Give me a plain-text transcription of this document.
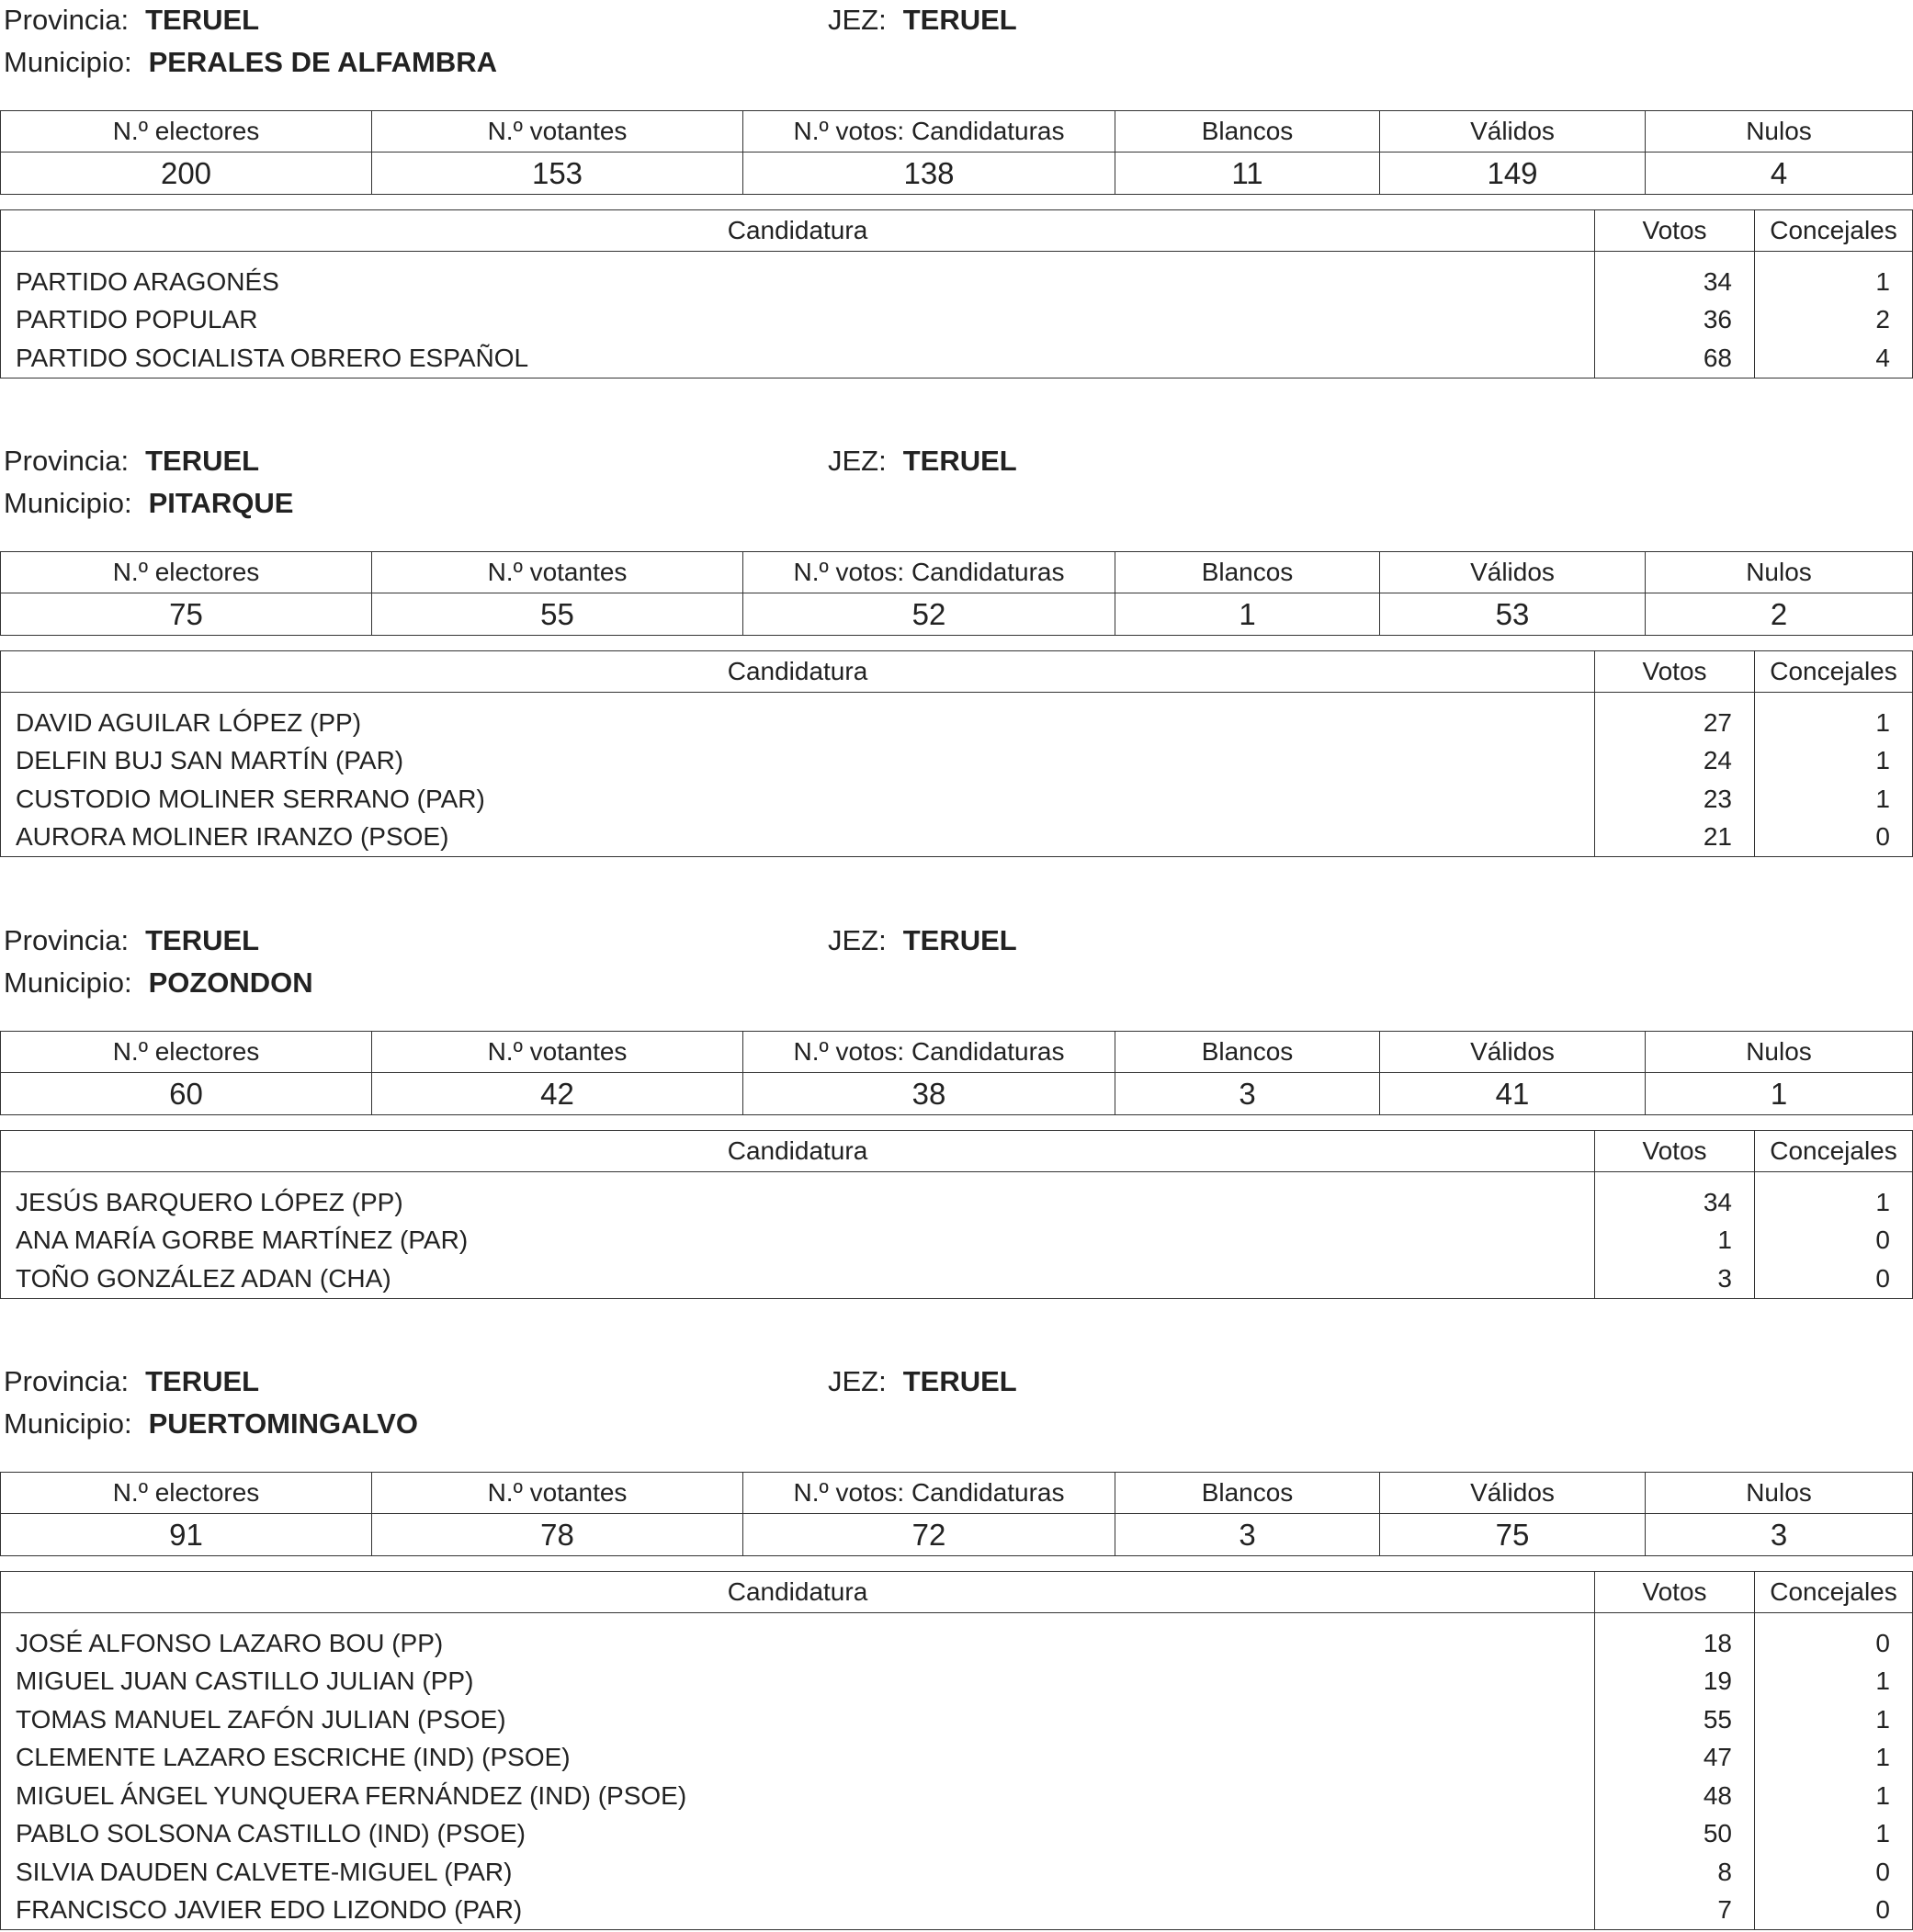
Provincia: TERUEL	JEZ: TERUEL
Municipio: PERALES DE ALFAMBRA
N.º electores	N.º votantes	N.º votos: Candidaturas	Blancos	Válidos	Nulos
200	153	138	11	149	4
Candidatura	Votos	Concejales

PARTIDO ARAGONÉS	34	1
PARTIDO POPULAR	36	2
PARTIDO SOCIALISTA OBRERO ESPAÑOL	68	4
Provincia: TERUEL	JEZ: TERUEL
Municipio: PITARQUE
N.º electores	N.º votantes	N.º votos: Candidaturas	Blancos	Válidos	Nulos
75	55	52	1	53	2
Candidatura	Votos	Concejales

DAVID AGUILAR LÓPEZ (PP)	27	1
DELFIN BUJ SAN MARTÍN (PAR)	24	1
CUSTODIO MOLINER SERRANO (PAR)	23	1
AURORA MOLINER IRANZO (PSOE)	21	0
Provincia: TERUEL	JEZ: TERUEL
Municipio: POZONDON
N.º electores	N.º votantes	N.º votos: Candidaturas	Blancos	Válidos	Nulos
60	42	38	3	41	1
Candidatura	Votos	Concejales

JESÚS BARQUERO LÓPEZ (PP)	34	1
ANA MARÍA GORBE MARTÍNEZ (PAR)	1	0
TOÑO GONZÁLEZ ADAN (CHA)	3	0
Provincia: TERUEL	JEZ: TERUEL
Municipio: PUERTOMINGALVO
N.º electores	N.º votantes	N.º votos: Candidaturas	Blancos	Válidos	Nulos
91	78	72	3	75	3
Candidatura	Votos	Concejales

JOSÉ ALFONSO LAZARO BOU (PP)	18	0
MIGUEL JUAN CASTILLO JULIAN (PP)	19	1
TOMAS MANUEL ZAFÓN JULIAN (PSOE)	55	1
CLEMENTE LAZARO ESCRICHE (IND) (PSOE)	47	1
MIGUEL ÁNGEL YUNQUERA FERNÁNDEZ (IND) (PSOE)	48	1
PABLO SOLSONA CASTILLO (IND) (PSOE)	50	1
SILVIA DAUDEN CALVETE-MIGUEL (PAR)	8	0
FRANCISCO JAVIER EDO LIZONDO (PAR)	7	0
